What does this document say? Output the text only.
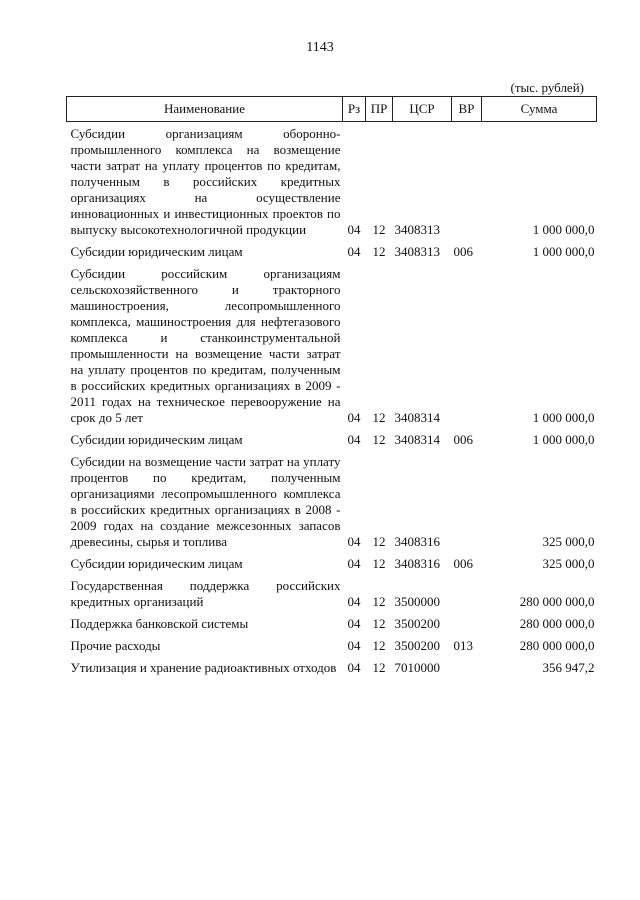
1143
(тыс. рублей)
Наименование	Рз	ПР	ЦСР	ВР	Сумма
Субсидии организациям оборонно-промышленного комплекса на возмещение части затрат на уплату процентов по кредитам, полученным в российских кредитных организациях на осуществление инновационных и инвестиционных проектов по выпуску высокотехнологичной продукции	04	12	3408313		1 000 000,0
Субсидии юридическим лицам	04	12	3408313	006	1 000 000,0
Субсидии российским организациям сельскохозяйственного и тракторного машиностроения, лесопромышленного комплекса, машиностроения для нефтегазового комплекса и станкоинструментальной промышленности на возмещение части затрат на уплату процентов по кредитам, полученным в российских кредитных организациях в 2009 - 2011 годах на техническое перевооружение на срок до 5 лет	04	12	3408314		1 000 000,0
Субсидии юридическим лицам	04	12	3408314	006	1 000 000,0
Субсидии на возмещение части затрат на уплату процентов по кредитам, полученным организациями лесопромышленного комплекса в российских кредитных организациях в 2008 - 2009 годах на создание межсезонных запасов древесины, сырья и топлива	04	12	3408316		325 000,0
Субсидии юридическим лицам	04	12	3408316	006	325 000,0
Государственная поддержка российских кредитных организаций	04	12	3500000		280 000 000,0
Поддержка банковской системы	04	12	3500200		280 000 000,0
Прочие расходы	04	12	3500200	013	280 000 000,0
Утилизация и хранение радиоактивных отходов	04	12	7010000		356 947,2
